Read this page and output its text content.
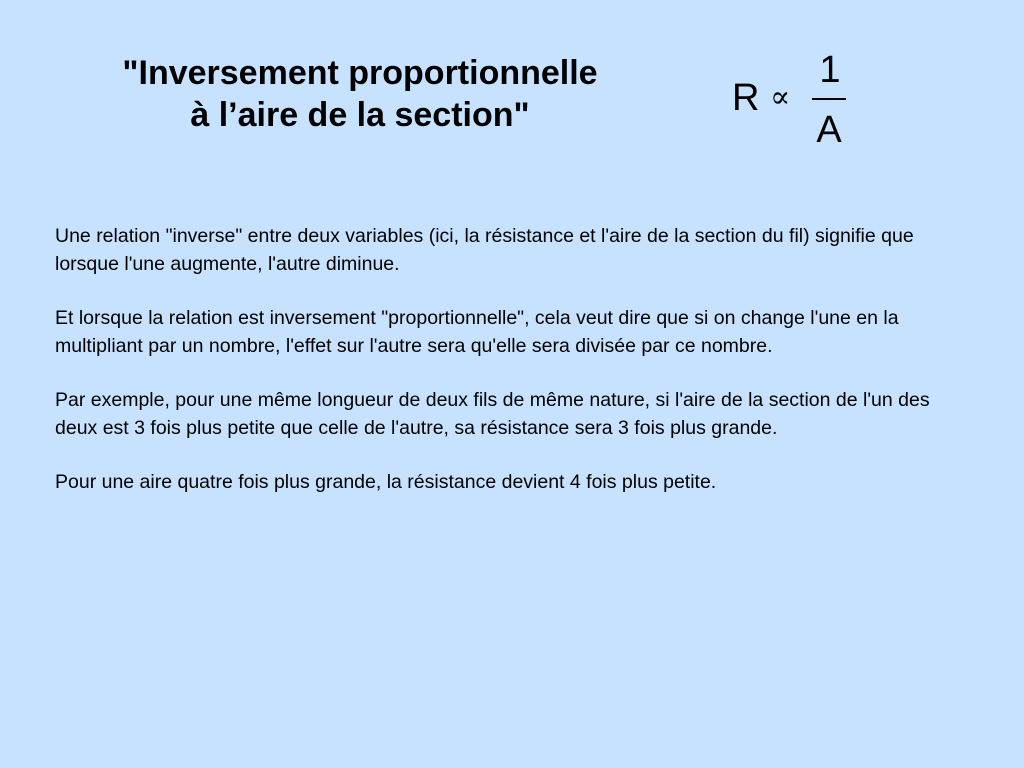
"Inversement proportionnelle
à l’aire de la section"	R ∝
1
A

Une relation "inverse" entre deux variables (ici, la résistance et l'aire de la section du fil) signifie que lorsque l'une augmente, l'autre diminue.

Et lorsque la relation est inversement "proportionnelle", cela veut dire que si on change l'une en la multipliant par un nombre, l'effet sur l'autre sera qu'elle sera divisée par ce nombre.

Par exemple, pour une même longueur de deux fils de même nature, si l'aire de la section de l'un des deux est 3 fois plus petite que celle de l'autre, sa résistance sera 3 fois plus grande.

Pour une aire quatre fois plus grande, la résistance devient 4 fois plus petite.
